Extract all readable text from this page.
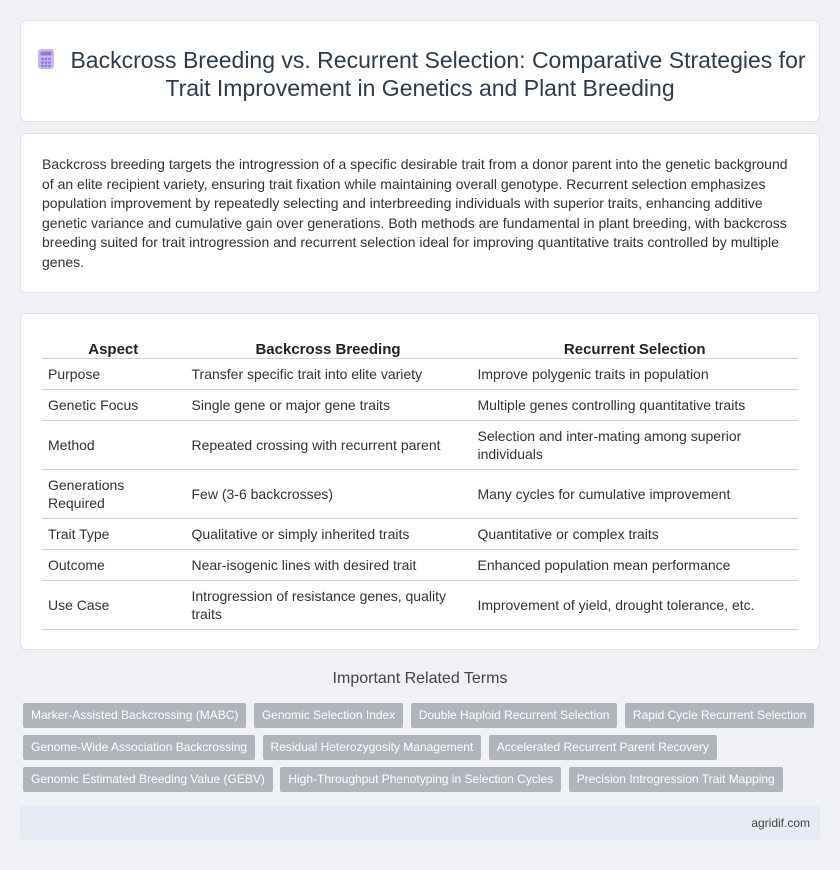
Backcross Breeding vs. Recurrent Selection: Comparative Strategies for Trait Improvement in Genetics and Plant Breeding

Backcross breeding targets the introgression of a specific desirable trait from a donor parent into the genetic background of an elite recipient variety, ensuring trait fixation while maintaining overall genotype. Recurrent selection emphasizes population improvement by repeatedly selecting and interbreeding individuals with superior traits, enhancing additive genetic variance and cumulative gain over generations. Both methods are fundamental in plant breeding, with backcross breeding suited for trait introgression and recurrent selection ideal for improving quantitative traits controlled by multiple genes.

Aspect	Backcross Breeding	Recurrent Selection
Purpose	Transfer specific trait into elite variety	Improve polygenic traits in population
Genetic Focus	Single gene or major gene traits	Multiple genes controlling quantitative traits
Method	Repeated crossing with recurrent parent	Selection and inter-mating among superior individuals
Generations Required	Few (3-6 backcrosses)	Many cycles for cumulative improvement
Trait Type	Qualitative or simply inherited traits	Quantitative or complex traits
Outcome	Near-isogenic lines with desired trait	Enhanced population mean performance
Use Case	Introgression of resistance genes, quality traits	Improvement of yield, drought tolerance, etc.
Important Related Terms
Marker-Assisted Backcrossing (MABC) Genomic Selection Index Double Haploid Recurrent Selection Rapid Cycle Recurrent Selection
Genome-Wide Association Backcrossing Residual Heterozygosity Management Accelerated Recurrent Parent Recovery
Genomic Estimated Breeding Value (GEBV) High-Throughput Phenotyping in Selection Cycles Precision Introgression Trait Mapping
agridif.com
